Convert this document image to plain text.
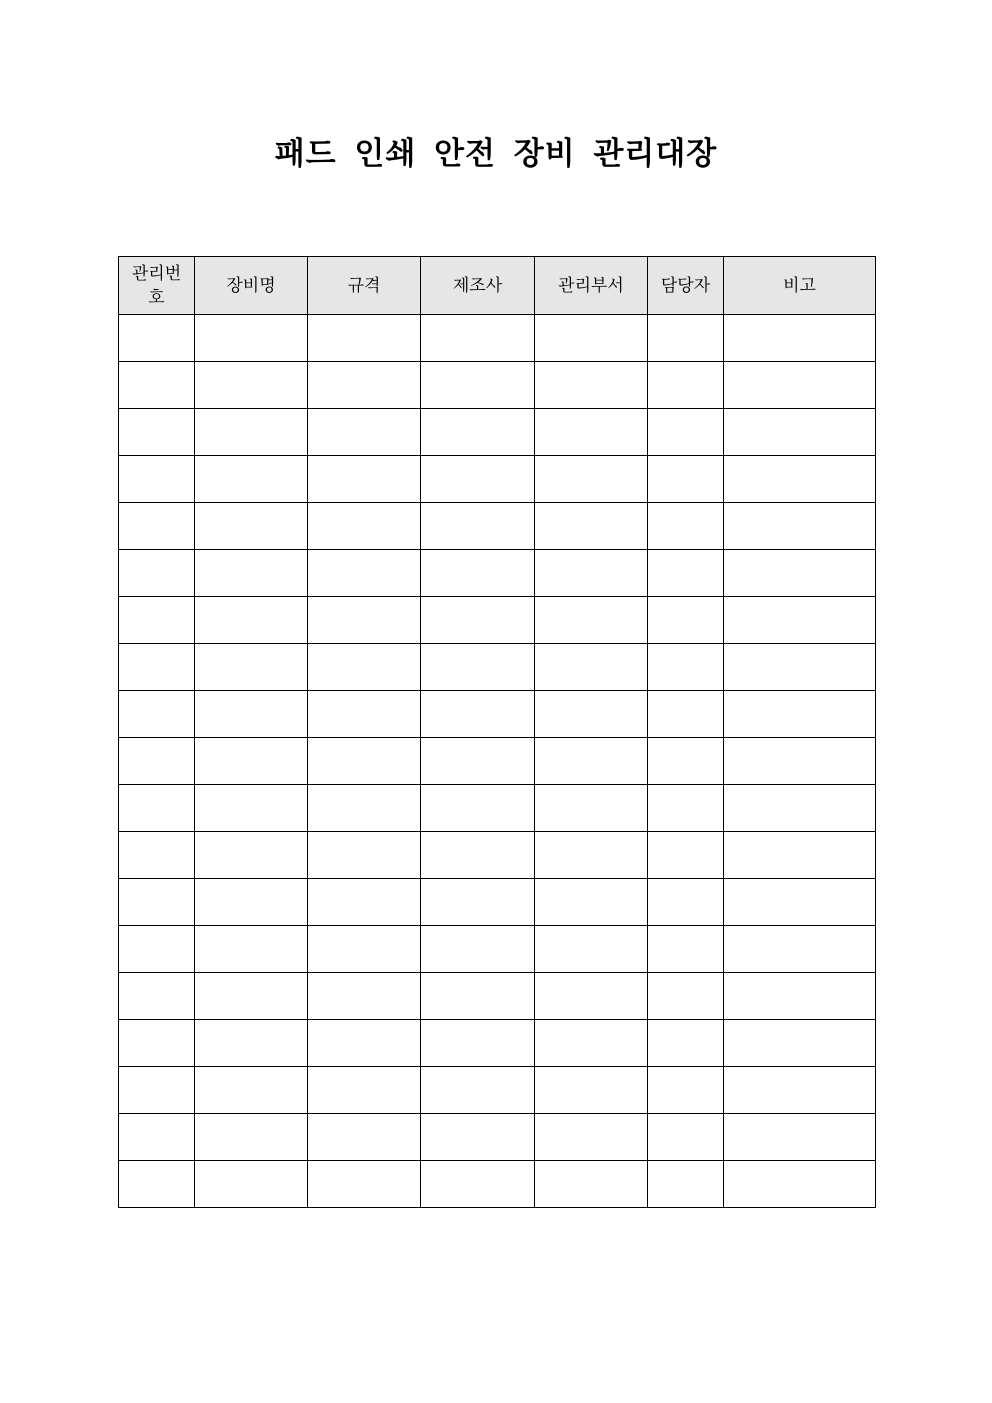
패드 인쇄 안전 장비 관리대장
관리번호	장비명	규격	제조사	관리부서	담당자	비고
